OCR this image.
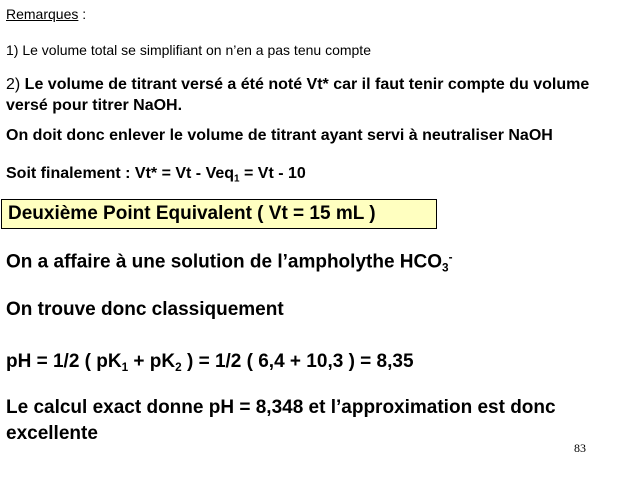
Remarques :
1) Le volume total se simplifiant on n’en a pas tenu compte
2) Le volume de titrant versé a été noté Vt* car il faut tenir compte du volume versé pour titrer NaOH.
On doit donc enlever le volume de titrant ayant servi à neutraliser NaOH
Soit finalement : Vt* = Vt - Veq$_1$ = Vt - 10
Deuxième Point Equivalent ( Vt = 15 mL )
On a affaire à une solution de l’ampholythe $HCO_3^-$
On trouve donc classiquement
pH = 1/2 ( $pK_1 + pK_2$ ) = 1/2 ( 6,4 + 10,3 ) = 8,35
Le calcul exact donne pH = 8,348 et l’approximation est donc excellente
83
